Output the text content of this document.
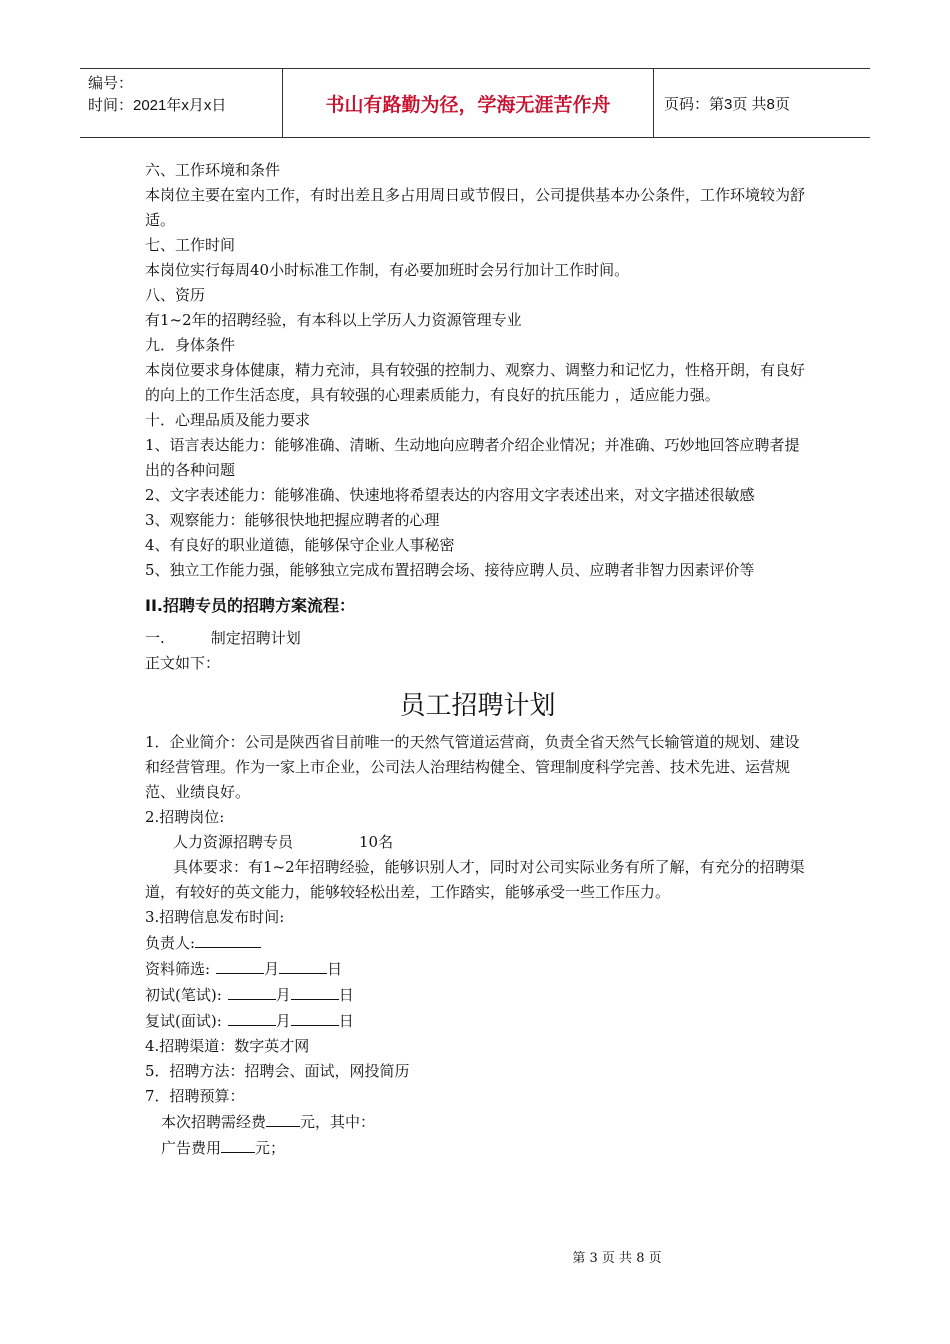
编号：
时间：2021年x月x日	书山有路勤为径，学海无涯苦作舟	页码：第3页 共8页

六、工作环境和条件

本岗位主要在室内工作，有时出差且多占用周日或节假日，公司提供基本办公条件，工作环境较为舒适。

七、工作时间

本岗位实行每周40小时标准工作制，有必要加班时会另行加计工作时间。

八、资历

有1~2年的招聘经验，有本科以上学历人力资源管理专业

九．身体条件

本岗位要求身体健康，精力充沛，具有较强的控制力、观察力、调整力和记忆力，性格开朗，有良好的向上的工作生活态度，具有较强的心理素质能力，有良好的抗压能力 ，适应能力强。

十．心理品质及能力要求

1、语言表达能力：能够准确、清晰、生动地向应聘者介绍企业情况；并准确、巧妙地回答应聘者提出的各种问题

2、文字表述能力：能够准确、快速地将希望表达的内容用文字表述出来，对文字描述很敏感

3、观察能力：能够很快地把握应聘者的心理

4、有良好的职业道德，能够保守企业人事秘密

5、独立工作能力强，能够独立完成布置招聘会场、接待应聘人员、应聘者非智力因素评价等

II.招聘专员的招聘方案流程：

一.	制定招聘计划

正文如下：

员工招聘计划

1．企业简介：公司是陕西省目前唯一的天然气管道运营商，负责全省天然气长输管道的规划、建设和经营管理。作为一家上市企业，公司法人治理结构健全、管理制度科学完善、技术先进、运营规范、业绩良好。

2.招聘岗位:

人力资源招聘专员	10名

具体要求：有1~2年招聘经验，能够识别人才，同时对公司实际业务有所了解，有充分的招聘渠道，有较好的英文能力，能够较轻松出差，工作踏实，能够承受一些工作压力。

3.招聘信息发布时间:

负责人:

资料筛选:	月	日

初试(笔试):	月	日

复试(面试):	月	日

4.招聘渠道：数字英才网

5．招聘方法：招聘会、面试，网投简历

7．招聘预算：

本次招聘需经费 元，其中：

广告费用 元；

第 3 页 共 8 页
